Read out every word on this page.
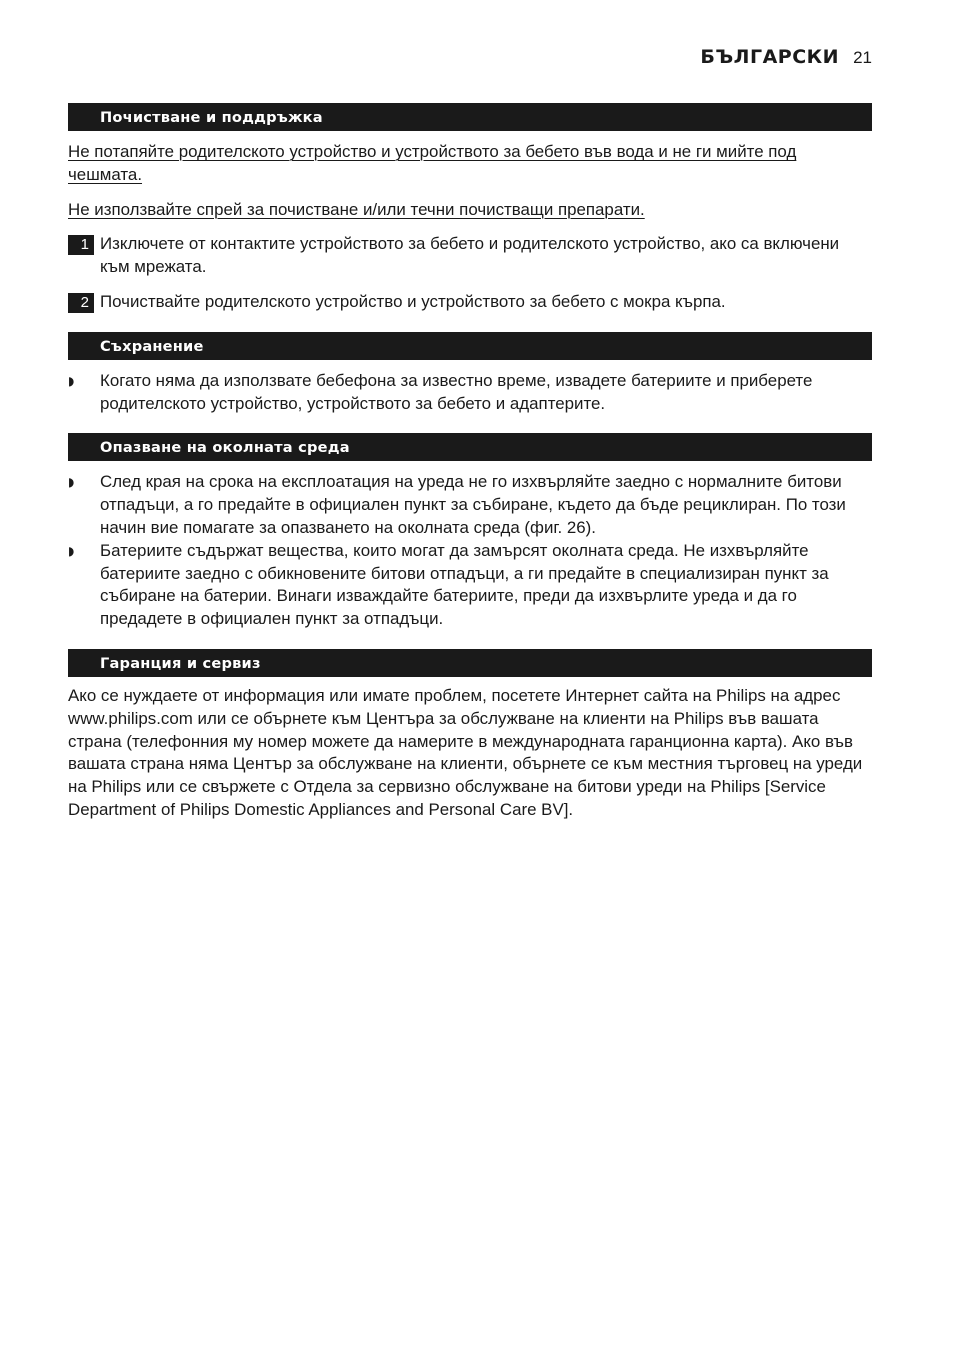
БЪЛГАРСКИ 21
Почистване и поддръжка

Не потапяйте родителското устройство и устройството за бебето във вода и не ги мийте под чешмата.

Не използвайте спрей за почистване и/или течни почистващи препарати.

1 Изключете от контактите устройството за бебето и родителското устройство, ако са включени към мрежата.
2 Почиствайте родителското устройство и устройството за бебето с мокра кърпа.
Съхранение
◗	Когато няма да използвате бебефона за известно време, извадете батериите и приберете родителското устройство, устройството за бебето и адаптерите.
Опазване на околната среда
◗	След края на срока на експлоатация на уреда не го изхвърляйте заедно с нормалните битови отпадъци, а го предайте в официален пункт за събиране, където да бъде рециклиран. По този начин вие помагате за опазването на околната среда (фиг. 26).
◗	Батериите съдържат вещества, които могат да замърсят околната среда. Не изхвърляйте батериите заедно с обикновените битови отпадъци, а ги предайте в специализиран пункт за събиране на батерии. Винаги изваждайте батериите, преди да изхвърлите уреда и да го предадете в официален пункт за отпадъци.
Гаранция и сервиз

Ако се нуждаете от информация или имате проблем, посетете Интернет сайта на Philips на адрес www.philips.com или се обърнете към Центъра за обслужване на клиенти на Philips във вашата страна (телефонния му номер можете да намерите в международната гаранционна карта). Ако във вашата страна няма Център за обслужване на клиенти, обърнете се към местния търговец на уреди на Philips или се свържете с Отдела за сервизно обслужване на битови уреди на Philips [Service Department of Philips Domestic Appliances and Personal Care BV].
